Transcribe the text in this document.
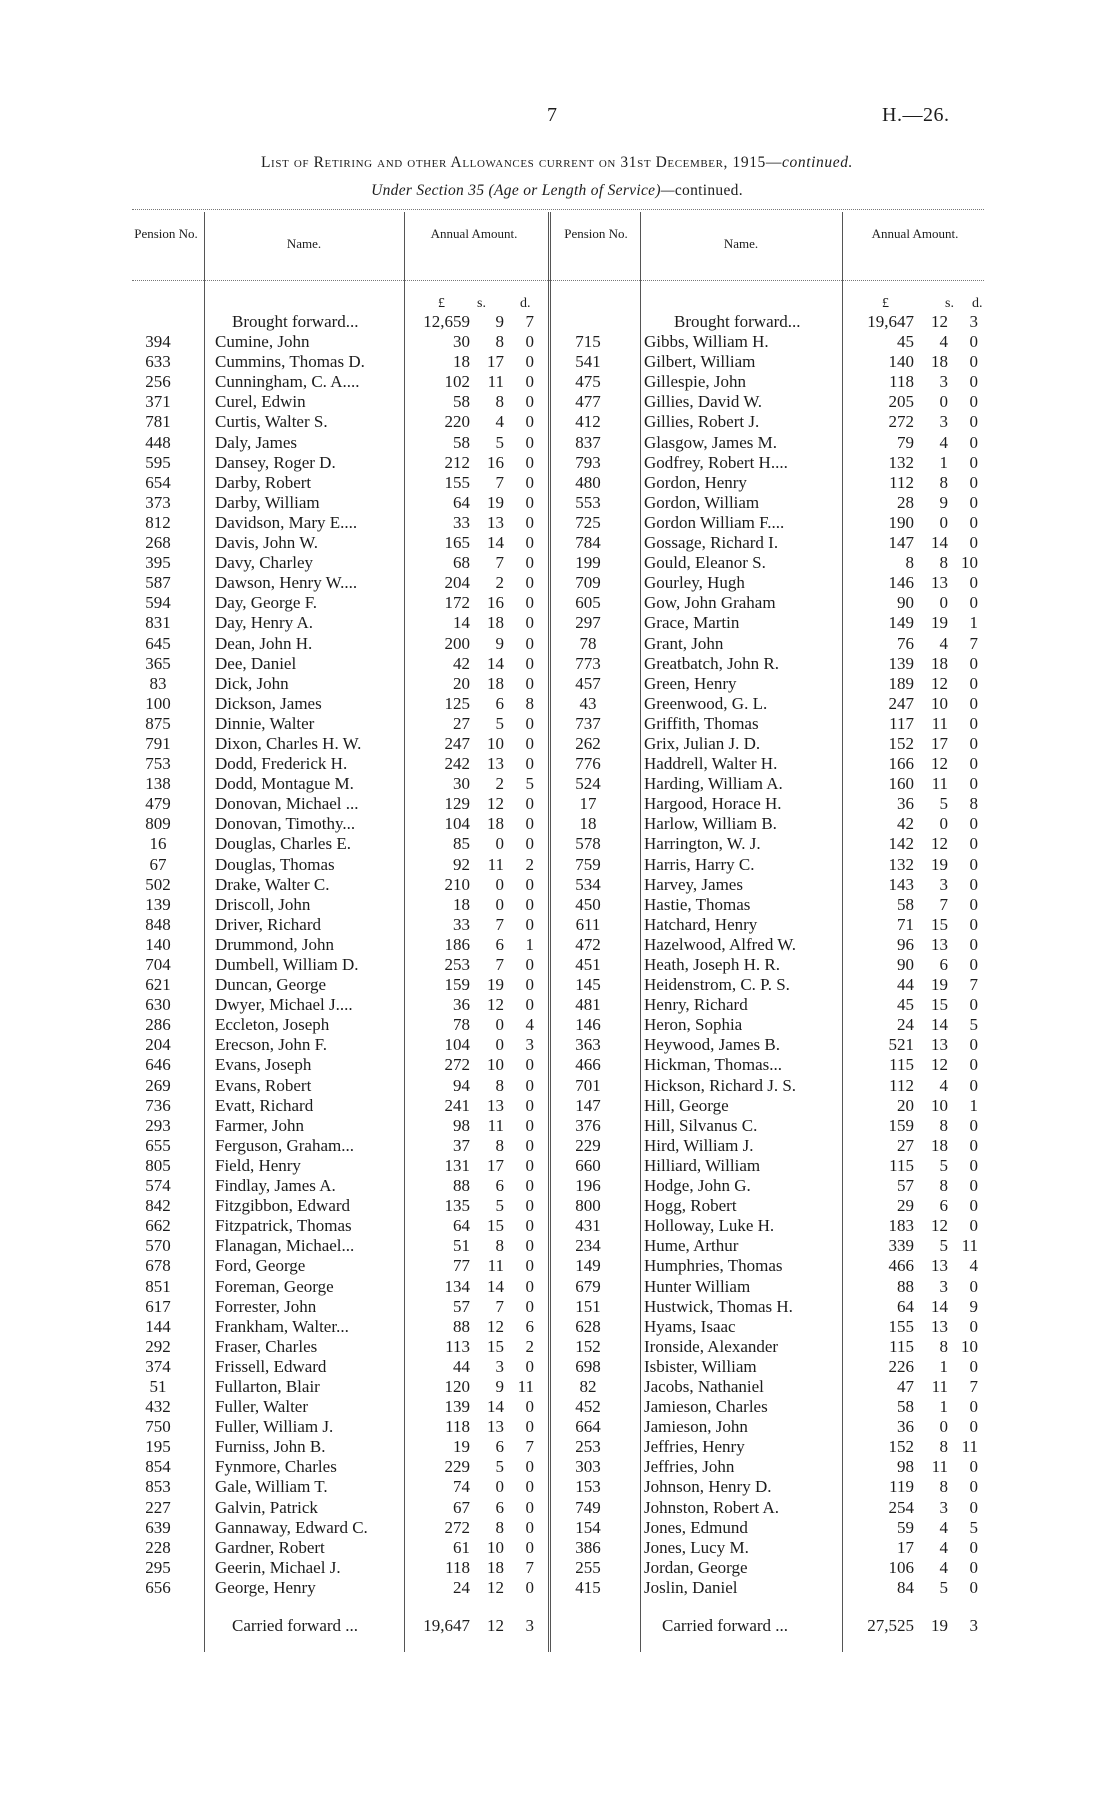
7	H.—26.
List of Retiring and other Allowances current on 31st December, 1915—continued.
Under Section 35 (Age or Length of Service)—continued.
Pension No.
Name.
Annual Amount.	Pension No.
Name.
Annual Amount.
£ s. d.
Brought forward...	12,659	9	7
394	Cumine, John	30	8	0
633	Cummins, Thomas D.	18	17	0
256	Cunningham, C. A....	102	11	0
371	Curel, Edwin	58	8	0
781	Curtis, Walter S.	220	4	0
448	Daly, James	58	5	0
595	Dansey, Roger D.	212	16	0
654	Darby, Robert	155	7	0
373	Darby, William	64	19	0
812	Davidson, Mary E....	33	13	0
268	Davis, John W.	165	14	0
395	Davy, Charley	68	7	0
587	Dawson, Henry W....	204	2	0
594	Day, George F.	172	16	0
831	Day, Henry A.	14	18	0
645	Dean, John H.	200	9	0
365	Dee, Daniel	42	14	0
83	Dick, John	20	18	0
100	Dickson, James	125	6	8
875	Dinnie, Walter	27	5	0
791	Dixon, Charles H. W.	247	10	0
753	Dodd, Frederick H.	242	13	0
138	Dodd, Montague M.	30	2	5
479	Donovan, Michael ...	129	12	0
809	Donovan, Timothy...	104	18	0
16	Douglas, Charles E.	85	0	0
67	Douglas, Thomas	92	11	2
502	Drake, Walter C.	210	0	0
139	Driscoll, John	18	0	0
848	Driver, Richard	33	7	0
140	Drummond, John	186	6	1
704	Dumbell, William D.	253	7	0
621	Duncan, George	159	19	0
630	Dwyer, Michael J....	36	12	0
286	Eccleton, Joseph	78	0	4
204	Erecson, John F.	104	0	3
646	Evans, Joseph	272	10	0
269	Evans, Robert	94	8	0
736	Evatt, Richard	241	13	0
293	Farmer, John	98	11	0
655	Ferguson, Graham...	37	8	0
805	Field, Henry	131	17	0
574	Findlay, James A.	88	6	0
842	Fitzgibbon, Edward	135	5	0
662	Fitzpatrick, Thomas	64	15	0
570	Flanagan, Michael...	51	8	0
678	Ford, George	77	11	0
851	Foreman, George	134	14	0
617	Forrester, John	57	7	0
144	Frankham, Walter...	88	12	6
292	Fraser, Charles	113	15	2
374	Frissell, Edward	44	3	0
51	Fullarton, Blair	120	9 11
432	Fuller, Walter	139	14	0
750	Fuller, William J.	118	13	0
195	Furniss, John B.	19	6	7
854	Fynmore, Charles	229	5	0
853	Gale, William T.	74	0	0
227	Galvin, Patrick	67	6	0
639	Gannaway, Edward C.	272	8	0
228	Gardner, Robert	61	10	0
295	Geerin, Michael J.	118	18	7
656	George, Henry	24	12	0
£	s. d.
Brought forward...	19,647	12	3
715	Gibbs, William H.	45	4	0
541	Gilbert, William	140	18	0
475	Gillespie, John	118	3	0
477	Gillies, David W.	205	0	0
412	Gillies, Robert J.	272	3	0
837	Glasgow, James M.	79	4	0
793	Godfrey, Robert H....	132	1	0
480	Gordon, Henry	112	8	0
553	Gordon, William	28	9	0
725	Gordon William F....	190	0	0
784	Gossage, Richard I.	147	14	0
199	Gould, Eleanor S.	8	8 10
709	Gourley, Hugh	146	13	0
605	Gow, John Graham	90	0	0
297	Grace, Martin	149	19	1
78	Grant, John	76	4	7
773	Greatbatch, John R.	139	18	0
457	Green, Henry	189	12	0
43	Greenwood, G. L.	247	10	0
737	Griffith, Thomas	117	11	0
262	Grix, Julian J. D.	152	17	0
776	Haddrell, Walter H.	166	12	0
524	Harding, William A.	160	11	0
17	Hargood, Horace H.	36	5	8
18	Harlow, William B.	42	0	0
578	Harrington, W. J.	142	12	0
759	Harris, Harry C.	132	19	0
534	Harvey, James	143	3	0
450	Hastie, Thomas	58	7	0
611	Hatchard, Henry	71	15	0
472	Hazelwood, Alfred W.	96	13	0
451	Heath, Joseph H. R.	90	6	0
145	Heidenstrom, C. P. S.	44	19	7
481	Henry, Richard	45	15	0
146	Heron, Sophia	24	14	5
363	Heywood, James B.	521	13	0
466	Hickman, Thomas...	115	12	0
701	Hickson, Richard J. S.	112	4	0
147	Hill, George	20	10	1
376	Hill, Silvanus C.	159	8	0
229	Hird, William J.	27	18	0
660	Hilliard, William	115	5	0
196	Hodge, John G.	57	8	0
800	Hogg, Robert	29	6	0
431	Holloway, Luke H.	183	12	0
234	Hume, Arthur	339	5 11
149	Humphries, Thomas	466	13	4
679	Hunter William	88	3	0
151	Hustwick, Thomas H.	64	14	9
628	Hyams, Isaac	155	13	0
152	Ironside, Alexander	115	8 10
698	Isbister, William	226	1	0
82	Jacobs, Nathaniel	47	11	7
452	Jamieson, Charles	58	1	0
664	Jamieson, John	36	0	0
253	Jeffries, Henry	152	8 11
303	Jeffries, John	98	11	0
153	Johnson, Henry D.	119	8	0
749	Johnston, Robert A.	254	3	0
154	Jones, Edmund	59	4	5
386	Jones, Lucy M.	17	4	0
255	Jordan, George	106	4	0
415	Joslin, Daniel	84	5	0
Carried forward ...	19,647	12	3	Carried forward ...	27,525	19	3
